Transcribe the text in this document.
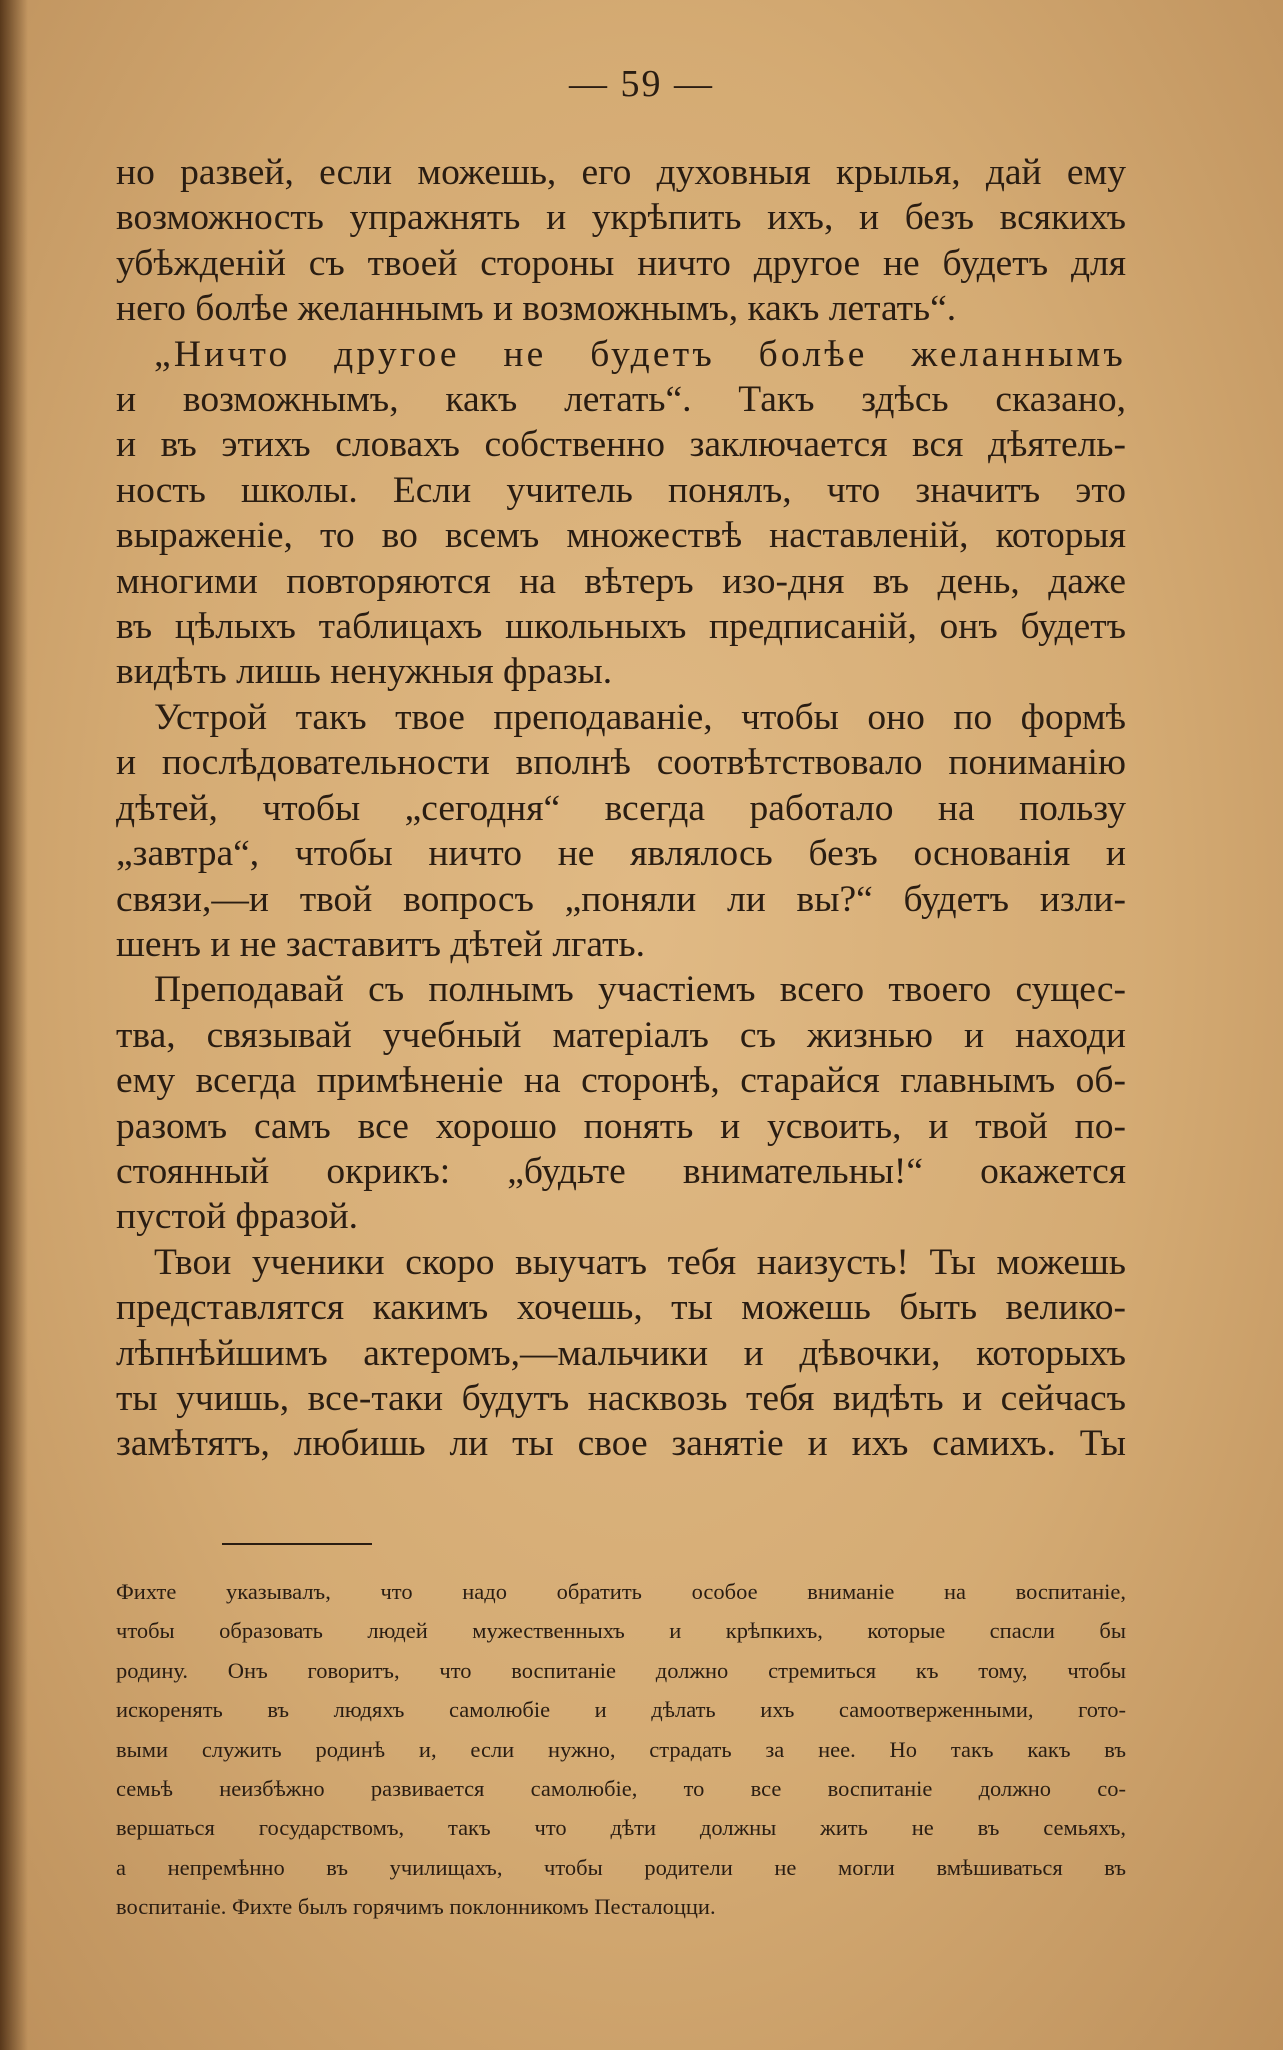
— 59 —
но развей, если можешь, его духовныя крылья, дай ему
возможность упражнять и укрѣпить ихъ, и безъ всякихъ
убѣжденій съ твоей стороны ничто другое не будетъ для
него болѣе желаннымъ и возможнымъ, какъ летать“.
„Ничто другое не будетъ болѣе желаннымъ
и возможнымъ, какъ летать“. Такъ здѣсь сказано,
и въ этихъ словахъ собственно заключается вся дѣятель-
ность школы. Если учитель понялъ, что значитъ это
выраженіе, то во всемъ множествѣ наставленій, которыя
многими повторяются на вѣтеръ изо-дня въ день, даже
въ цѣлыхъ таблицахъ школьныхъ предписаній, онъ будетъ
видѣть лишь ненужныя фразы.
Устрой такъ твое преподаваніе, чтобы оно по формѣ
и послѣдовательности вполнѣ соотвѣтствовало пониманію
дѣтей, чтобы „сегодня“ всегда работало на пользу
„завтра“, чтобы ничто не являлось безъ основанія и
связи,—и твой вопросъ „поняли ли вы?“ будетъ изли-
шенъ и не заставитъ дѣтей лгать.
Преподавай съ полнымъ участіемъ всего твоего сущес-
тва, связывай учебный матеріалъ съ жизнью и находи
ему всегда примѣненіе на сторонѣ, старайся главнымъ об-
разомъ самъ все хорошо понять и усвоить, и твой по-
стоянный окрикъ: „будьте внимательны!“ окажется
пустой фразой.
Твои ученики скоро выучатъ тебя наизусть! Ты можешь
представлятся какимъ хочешь, ты можешь быть велико-
лѣпнѣйшимъ актеромъ,—мальчики и дѣвочки, которыхъ
ты учишь, все-таки будутъ насквозь тебя видѣть и сейчасъ
замѣтятъ, любишь ли ты свое занятіе и ихъ самихъ. Ты
Фихте указывалъ, что надо обратить особое вниманіе на воспитаніе,
чтобы образовать людей мужественныхъ и крѣпкихъ, которые спасли бы
родину. Онъ говоритъ, что воспитаніе должно стремиться къ тому, чтобы
искоренять въ людяхъ самолюбіе и дѣлать ихъ самоотверженными, гото-
выми служить родинѣ и, если нужно, страдать за нее. Но такъ какъ въ
семьѣ неизбѣжно развивается самолюбіе, то все воспитаніе должно со-
вершаться государствомъ, такъ что дѣти должны жить не въ семьяхъ,
а непремѣнно въ училищахъ, чтобы родители не могли вмѣшиваться въ
воспитаніе. Фихте былъ горячимъ поклонникомъ Песталоцци.
